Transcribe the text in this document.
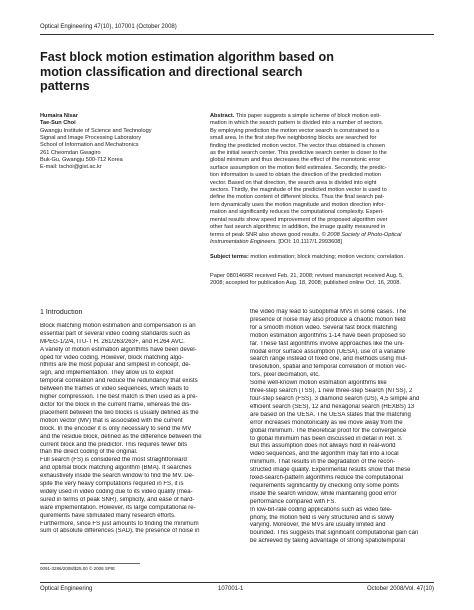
Optical Engineering 47(10), 107001 (October 2008)
Fast block motion estimation algorithm based on
motion classification and directional search
patterns
Humaira Nisar
Tae-Sun Choi
Gwangju Institute of Science and Technology
Signal and Image Processing Laboratory
School of Information and Mechatronics
261 Cheomdan Gwagiro
Buk-Gu, Gwangju 500-712 Korea
E-mail: tschoi@gist.ac.kr
Abstract. This paper suggests a simple scheme of block motion esti-
mation in which the search pattern is divided into a number of sectors.
By employing prediction the motion vector search is constrained to a
small area. In the first step five neighboring blocks are searched for
finding the predicted motion vector. The vector thus obtained is chosen
as the initial search center. This predictive search center is closer to the
global minimum and thus decreases the effect of the monotonic error
surface assumption on the motion field estimates. Secondly, the predic-
tion information is used to obtain the direction of the predicted motion
vector. Based on that direction, the search area is divided into eight
sectors. Thirdly, the magnitude of the predicted motion vector is used to
define the motion content of different blocks. Thus the final search pat-
tern dynamically uses the motion magnitude and motion direction infor-
mation and significantly reduces the computational complexity. Experi-
mental results show speed improvement of the proposed algorithm over
other fast search algorithms; in addition, the image quality measured in
terms of peak SNR also shows good results. © 2008 Society of Photo-Optical
Instrumentation Engineers. [DOI: 10.1117/1.2993608]
Subject terms: motion estimation; block matching; motion vectors; correlation.
Paper 080146RR received Feb. 21, 2008; revised manuscript received Aug. 5,
2008; accepted for publication Aug. 18, 2008; published online Oct. 16, 2008.
1 Introduction
Block matching motion estimation and compensation is an
essential part of several video coding standards such as
MPEG-1/2/4, ITU-T H. 261/263/263+, and H.264 AVC.
A variety of motion estimation algorithms have been devel-
oped for video coding. However, block matching algo-
rithms are the most popular and simplest in concept, de-
sign, and implementation. They allow us to exploit
temporal correlation and reduce the redundancy that exists
between the frames of video sequences, which leads to
higher compression. The best match is then used as a pre-
dictor for the block in the current frame, whereas the dis-
placement between the two blocks is usually defined as the
motion vector (MV) that is associated with the current
block. In the encoder it is only necessary to send the MV
and the residue block, defined as the difference between the
current block and the predictor. This requires fewer bits
than the direct coding of the original.
Full search (FS) is considered the most straightforward
and optimal block matching algorithm (BMA). It searches
exhaustively inside the search window to find the MV. De-
spite the very heavy computations required in FS, it is
widely used in video coding due to its video quality (mea-
sured in terms of peak SNR), simplicity, and ease of hard-
ware implementation. However, its large computational re-
quirements have stimulated many research efforts.
Furthermore, since FS just amounts to finding the minimum
sum of absolute differences (SAD), the presence of noise in
the video may lead to suboptimal MVs in some cases. The
presence of noise may also produce a chaotic motion field
for a smooth motion video. Several fast block matching
motion estimation algorithms 1-14 have been proposed so
far. These fast algorithms involve approaches like the uni-
modal error surface assumption (UESA), use of a variable
search range instead of fixed one, and methods using mul-
tiresolution, spatial and temporal correlation of motion vec-
tors, pixel decimation, etc.
Some well-known motion estimation algorithms like
three-step search (TSS), 1 new three-step Search (NTSS), 2
four-step search (FSS), 3 diamond search (DS), 4,5 simple and
efficient search (SES), 12 and hexagonal search (HEXBS) 13
are based on the UESA. The UESA states that the matching
error increases monotonically as we move away from the
global minimum. The theoretical proof for the convergence
to global minimum has been discussed in detail in Ref. 3.
But this assumption does not always hold in real-world
video sequences, and the algorithm may fall into a local
minimum. That results in the degradation of the recon-
structed image quality. Experimental results show that these
fixed-search-pattern algorithms reduce the computational
requirements significantly by checking only some points
inside the search window, while maintaining good error
performance compared with FS.
In low-bit-rate coding applications such as video tele-
phony, the motion field is very structured and is slowly
varying. Moreover, the MVs are usually limited and
bounded. This suggests that significant computational gain can
be achieved by taking advantage of strong spatiotemporal
0091-3286/2008/$25.00 © 2008 SPIE
Optical Engineering	107001-1	October 2008/Vol. 47(10)
